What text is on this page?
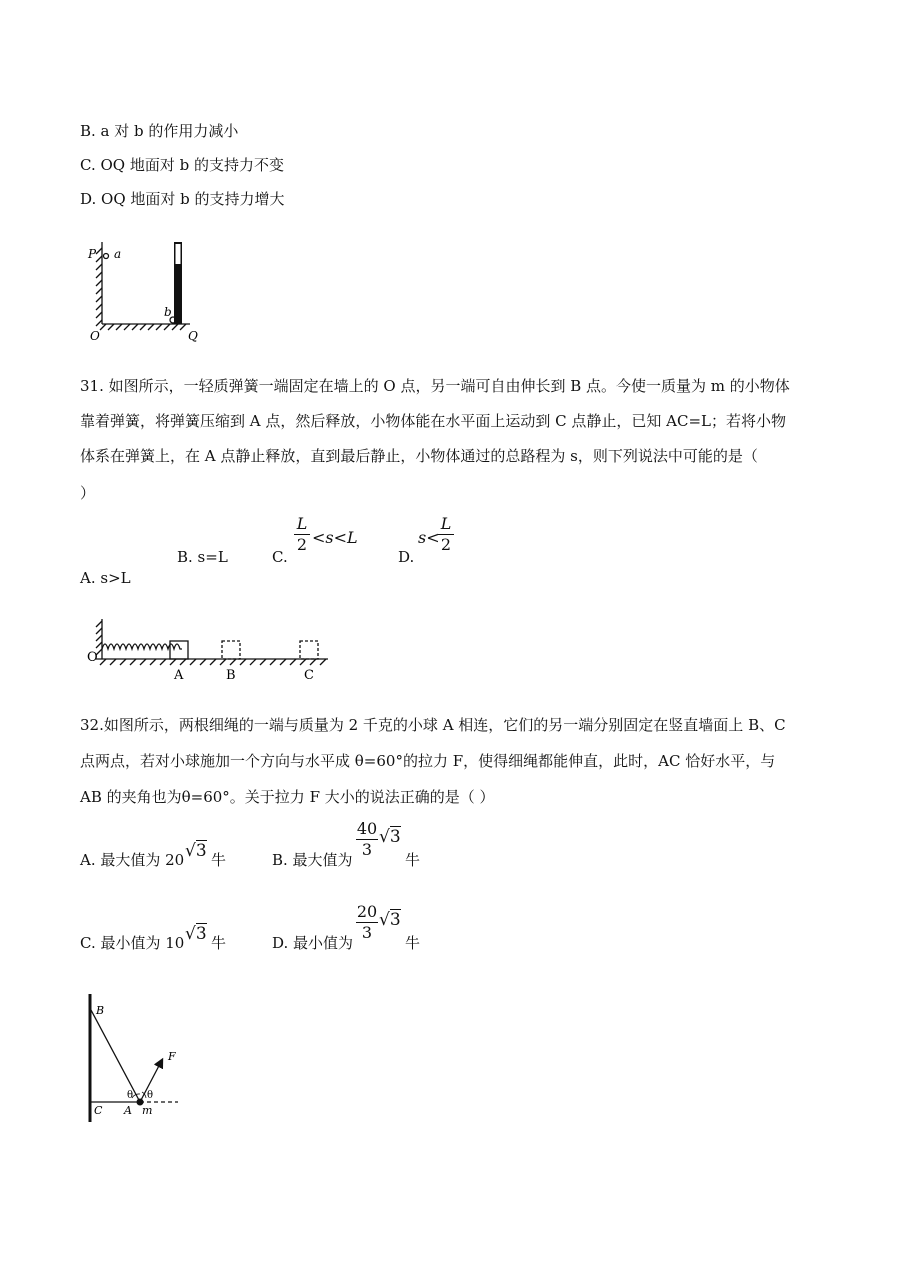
B. a 对 b 的作用力减小
C. OQ 地面对 b 的支持力不变
D. OQ 地面对 b 的支持力增大
P a
b
O	Q
31. 如图所示，一轻质弹簧一端固定在墙上的 O 点，另一端可自由伸长到 B 点。今使一质量为 m 的小物体
靠着弹簧，将弹簧压缩到 A 点，然后释放，小物体能在水平面上运动到 C 点静止，已知 AC=L；若将小物
体系在弹簧上，在 A 点静止释放，直到最后静止，小物体通过的总路程为 s，则下列说法中可能的是（
）
B. s=L	C.
L
2 <s<L
D.
s<
L
2
A. s>L
O
A	B	C
32.如图所示，两根细绳的一端与质量为 2 千克的小球 A 相连，它们的另一端分别固定在竖直墙面上 B、C
点两点，若对小球施加一个方向与水平成 θ=60°的拉力 F，使得细绳都能伸直，此时，AC 恰好水平，与
AB 的夹角也为θ=60°。关于拉力 F 大小的说法正确的是（ ）
A. 最大值为 20 √3 牛	B. 最大值为
40
3
√3
牛
C. 最小值为 10 √3 牛	D. 最小值为
20
3
√3
牛
B
F
θ θ
C A m
